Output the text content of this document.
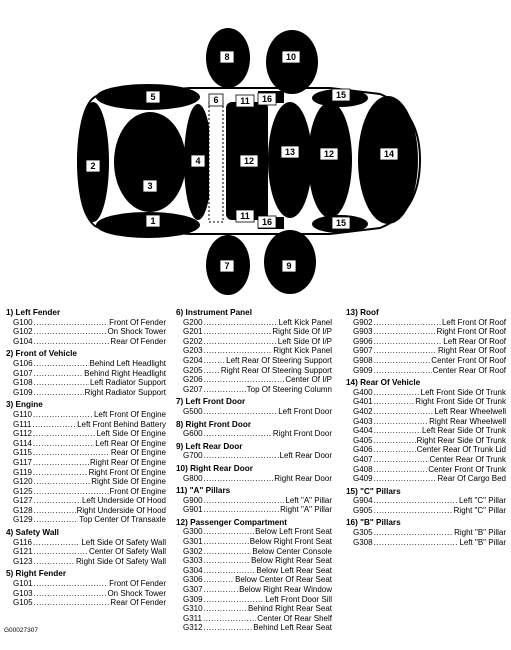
1
2
3
4
5	6
7
8
9
10
11
11
12
13	12	14
15
15
16
16
1) Left Fender
G100 .....	Front Of Fender
G102 .....	On Shock Tower
G104 .....	Rear Of Fender
2) Front of Vehicle
G106 .....	Behind Left Headlight
G107 .....	Behind Right Headlight
G108 .....	Left Radiator Support
G109 .....	Right Radiator Support
3) Engine
G110 .....	Left Front Of Engine
G111 .....	Left Front Behind Battery
G112 .....	Left Side Of Engine
G114 .....	Left Rear Of Engine
G115 .....	Rear Of Engine
G117 .....	Right Rear Of Engine
G119 .....	Right Front Of Engine
G120 .....	Right Side Of Engine
G125 .....	Front Of Engine
G127 .....	Left Underside Of Hood
G128 .....	Right Underside Of Hood
G129 .....	Top Center Of Transaxle
4) Safety Wall
G116 .....	Left Side Of Safety Wall
G121 .....	Center Of Safety Wall
G123 .....	Right Side Of Safety Wall
5) Right Fender
G101 .....	Front Of Fender
G103 .....	On Shock Tower
G105 .....	Rear Of Fender
6) Instrument Panel
G200 .....	Left Kick Panel
G201 .....	Right Side Of I/P
G202 .....	Left Side Of I/P
G203 .....	Right Kick Panel
G204 .....	Left Rear Of Steering Support
G205 ..... Right Rear Of Steering Support
G206 .....	Center Of I/P
G207 .....	Top Of Steering Column
7) Left Front Door
G500 .....	Left Front Door
8) Right Front Door
G600 .....	Right Front Door
9) Left Rear Door
G700 .....	Left Rear Door
10) Right Rear Door
G800 .....	Right Rear Door
11) "A" Pillars
G900 .....	Left "A" Pillar
G901 .....	Right "A" Pillar
12) Passenger Compartment
G300 .....	Below Left Front Seat
G301 .....	Below Right Front Seat
G302 .....	Below Center Console
G303 .....	Below Right Rear Seat
G304 .....	Below Left Rear Seat
G306 .....	Below Center Of Rear Seat
G307 .....	Below Right Rear Window
G309 .....	Left Front Door Sill
G310 .....	Behind Right Rear Seat
G311 .....	Center Of Rear Shelf
G312 .....	Behind Left Rear Seat
13) Roof
G902 .....	Left Front Of Roof
G903 .....	Right Front Of Roof
G906 .....	Left Rear Of Roof
G907 .....	Right Rear Of Roof
G908 .....	Center Front Of Roof
G909 .....	Center Rear Of Roof
14) Rear Of Vehicle
G400 .....	Left Front Side Of Trunk
G401 .....	Right Front Side Of Trunk
G402 .....	Left Rear Wheelwell
G403 .....	Right Rear Wheelwell
G404 .....	Left Rear Side Of Trunk
G405 .....	Right Rear Side Of Trunk
G406 .....	Center Rear Of Trunk Lid
G407 .....	Center Rear Of Trunk
G408 .....	Center Front Of Trunk
G409 .....	Rear Of Cargo Bed
15) "C" Pillars
G904 .....	Left "C" Pillar
G905 .....	Right "C" Pillar
16) "B" Pillars
G305 .....	Right "B" Pillar
G308 .....	Left "B" Pillar
G00027307
